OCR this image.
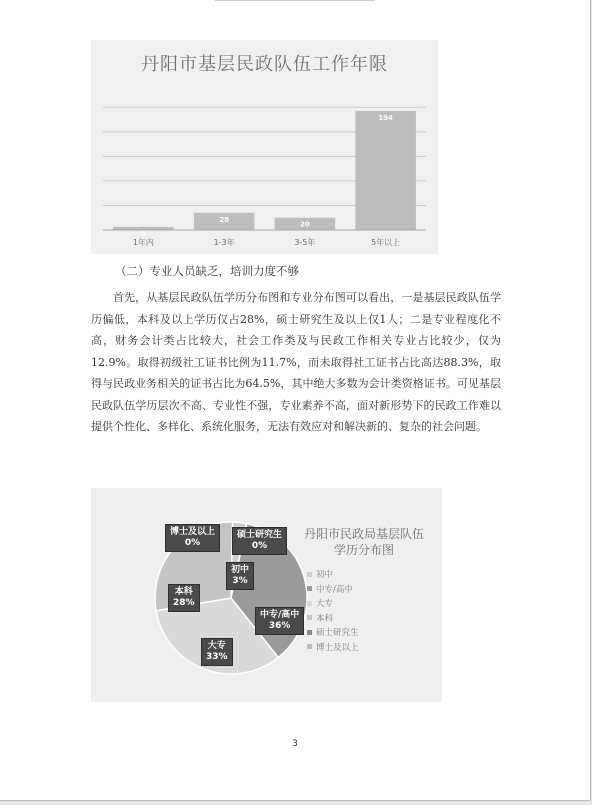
5
1年内
28
1-3年
20
3-5年
194
5年以上
丹阳市基层民政队伍工作年限
（二）专业人员缺乏，培训力度不够

首先，从基层民政队伍学历分布图和专业分布图可以看出，一是基层民政队伍学历偏低，本科及以上学历仅占28%，硕士研究生及以上仅1人；二是专业程度化不高，财务会计类占比较大，社会工作类及与民政工作相关专业占比较少，仅为12.9%。取得初级社工证书比例为11.7%，而未取得社工证书占比高达88.3%，取得与民政业务相关的证书占比为64.5%，其中绝大多数为会计类资格证书。可见基层民政队伍学历层次不高、专业性不强，专业素养不高，面对新形势下的民政工作难以提供个性化、多样化、系统化服务，无法有效应对和解决新的、复杂的社会问题。

博士及以上
0%
硕士研究生
0%
初中
3%
本科
28%
中专/高中
36%
大专
33%
丹阳市民政局基层队伍
学历分布图
初中
中专/高中
大专
本科
硕士研究生
博士及以上
3
